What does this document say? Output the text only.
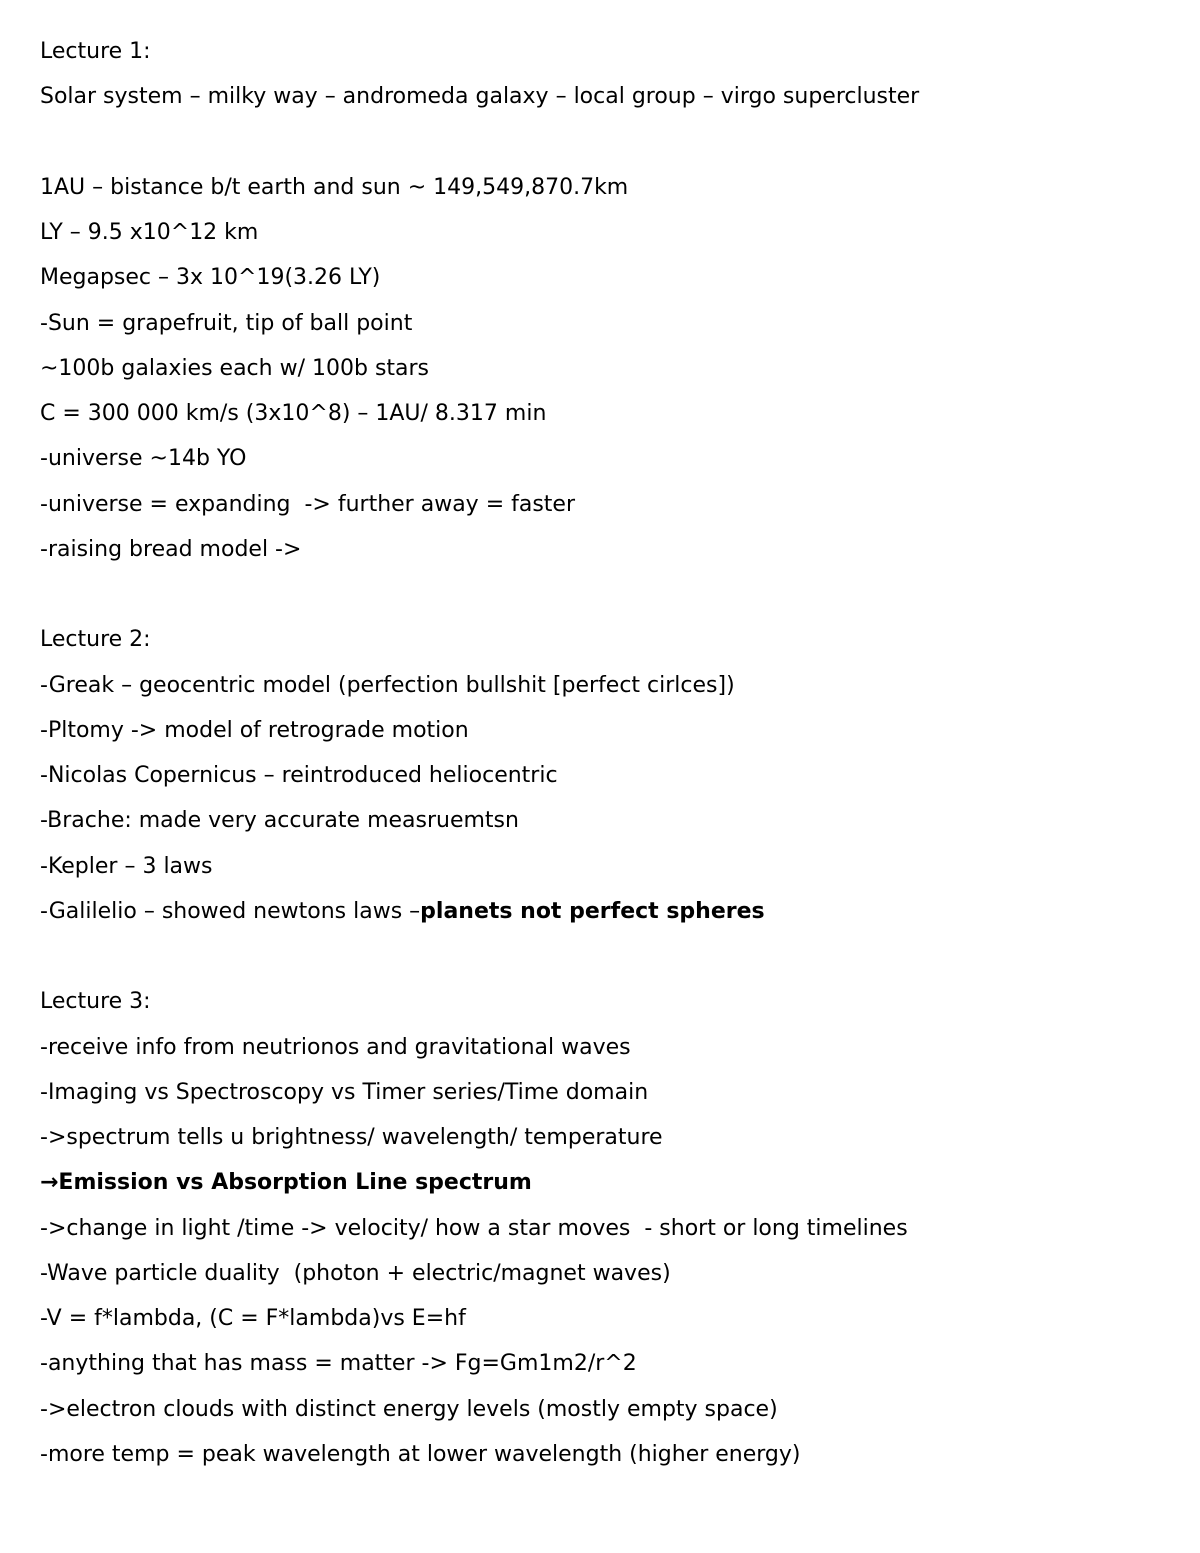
Lecture 1:
Solar system – milky way – andromeda galaxy – local group – virgo supercluster
1AU – bistance b/t earth and sun ~ 149,549,870.7km
LY – 9.5 x10^12 km
Megapsec – 3x 10^19(3.26 LY)
-Sun = grapefruit, tip of ball point
~100b galaxies each w/ 100b stars
C = 300 000 km/s (3x10^8) – 1AU/ 8.317 min
-universe ~14b YO
-universe = expanding  -> further away = faster
-raising bread model ->
Lecture 2:
-Greak – geocentric model (perfection bullshit [perfect cirlces])
-Pltomy -> model of retrograde motion
-Nicolas Copernicus – reintroduced heliocentric
-Brache: made very accurate measruemtsn
-Kepler – 3 laws
-Galilelio – showed newtons laws –planets not perfect spheres
Lecture 3:
-receive info from neutrionos and gravitational waves
-Imaging vs Spectroscopy vs Timer series/Time domain
->spectrum tells u brightness/ wavelength/ temperature
→Emission vs Absorption Line spectrum
->change in light /time -> velocity/ how a star moves  - short or long timelines
-Wave particle duality  (photon + electric/magnet waves)
-V = f*lambda, (C = F*lambda)vs E=hf
-anything that has mass = matter -> Fg=Gm1m2/r^2
->electron clouds with distinct energy levels (mostly empty space)
-more temp = peak wavelength at lower wavelength (higher energy)
